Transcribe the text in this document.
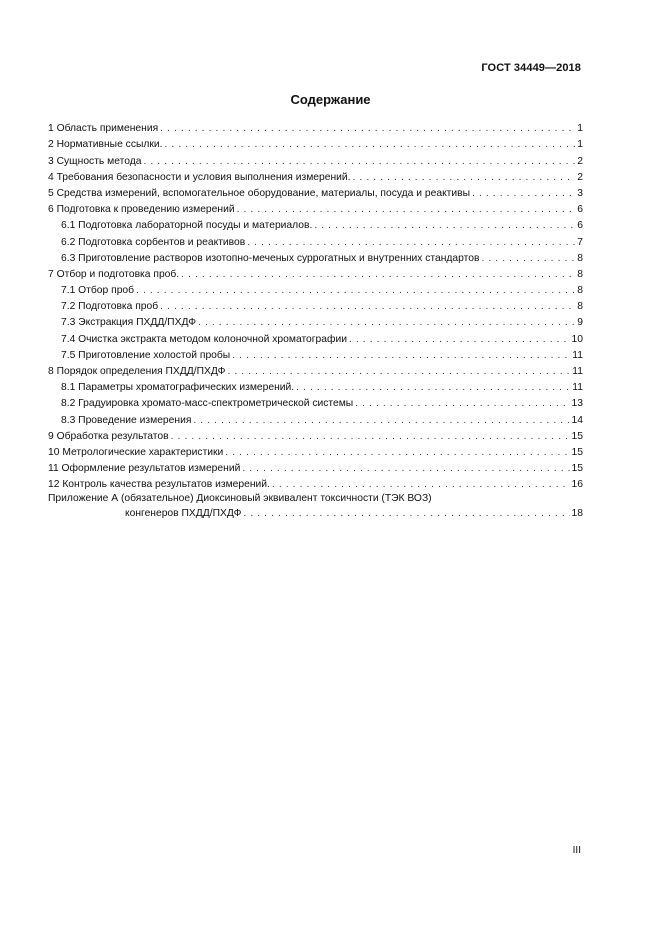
ГОСТ 34449—2018
Содержание
1 Область применения . . .	1
2 Нормативные ссылки. . . .	1
3 Сущность метода . . .	2
4 Требования безопасности и условия выполнения измерений. . . .	2
5 Средства измерений, вспомогательное оборудование, материалы, посуда и реактивы . . .	3
6 Подготовка к проведению измерений . . .	6
6.1 Подготовка лабораторной посуды и материалов. . . .	6
6.2 Подготовка сорбентов и реактивов . . .	7
6.3 Приготовление растворов изотопно-меченых суррогатных и внутренних стандартов . . .	8
7 Отбор и подготовка проб. . . .	8
7.1 Отбор проб . . .	8
7.2 Подготовка проб . . .	8
7.3 Экстракция ПХДД/ПХДФ . . .	9
7.4 Очистка экстракта методом колоночной хроматографии . . .	10
7.5 Приготовление холостой пробы . . .	11
8 Порядок определения ПХДД/ПХДФ . . .	11
8.1 Параметры хроматографических измерений. . . .	11
8.2 Градуировка хромато-масс-спектрометрической системы . . .	13
8.3 Проведение измерения . . .	14
9 Обработка результатов . . .	15
10 Метрологические характеристики . . .	15
11 Оформление результатов измерений . . .	15
12 Контроль качества результатов измерений. . . .	16
Приложение А (обязательное) Диоксиновый эквивалент токсичности (ТЭК ВОЗ)
конгенеров ПХДД/ПХДФ . . .	18
III
